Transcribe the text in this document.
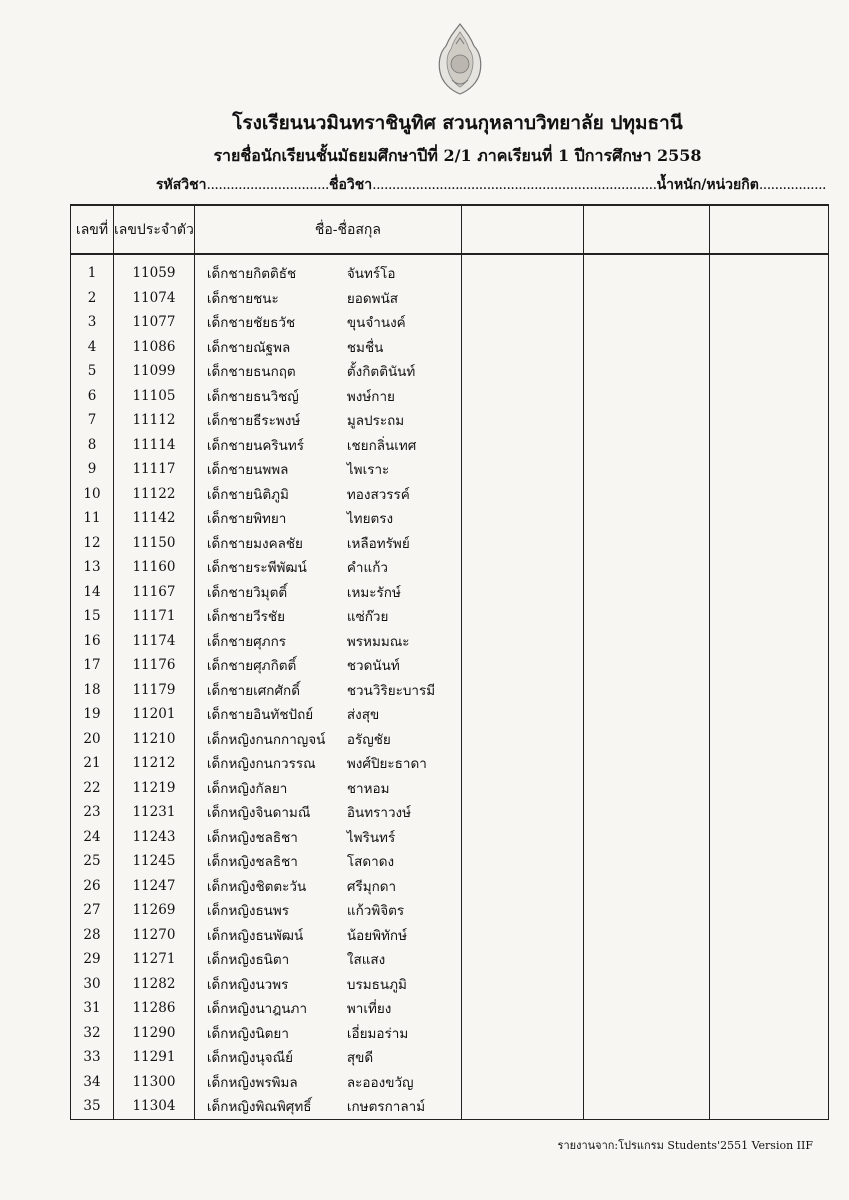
โรงเรียนนวมินทราชินูทิศ สวนกุหลาบวิทยาลัย ปทุมธานี
รายชื่อนักเรียนชั้นมัธยมศึกษาปีที่ 2/1 ภาคเรียนที่ 1 ปีการศึกษา 2558
รหัสวิชา...............................ชื่อวิชา........................................................................น้ำหนัก/หน่วยกิต.................
เลขที่	เลขประจำตัว	ชื่อ-ชื่อสกุล				

1	11059	เด็กชายกิตติธัช	จันทร์โอ			
2	11074	เด็กชายชนะ	ยอดพนัส			
3	11077	เด็กชายชัยธวัช	ขุนจำนงค์			
4	11086	เด็กชายณัฐพล	ชมชื่น			
5	11099	เด็กชายธนกฤต	ตั้งกิตตินันท์			
6	11105	เด็กชายธนวิชญ์	พงษ์กาย			
7	11112	เด็กชายธีระพงษ์	มูลประถม			
8	11114	เด็กชายนครินทร์	เชยกลิ่นเทศ			
9	11117	เด็กชายนพพล	ไพเราะ			
10	11122	เด็กชายนิติภูมิ	ทองสวรรค์			
11	11142	เด็กชายพิทยา	ไทยตรง			
12	11150	เด็กชายมงคลชัย	เหลือทรัพย์			
13	11160	เด็กชายระพีพัฒน์	คำแก้ว			
14	11167	เด็กชายวิมุตติ์	เหมะรักษ์			
15	11171	เด็กชายวีรชัย	แซ่ก๊วย			
16	11174	เด็กชายศุภกร	พรหมมณะ			
17	11176	เด็กชายศุภกิตติ์	ชวดนันท์			
18	11179	เด็กชายเศกศักดิ์	ชวนวิริยะบารมี			
19	11201	เด็กชายอินทัชปัถย์	ส่งสุข			
20	11210	เด็กหญิงกนกกาญจน์	อรัญชัย			
21	11212	เด็กหญิงกนกวรรณ	พงศ์ปิยะธาดา			
22	11219	เด็กหญิงกัลยา	ชาหอม			
23	11231	เด็กหญิงจินดามณี	อินทราวงษ์			
24	11243	เด็กหญิงชลธิชา	ไพรินทร์			
25	11245	เด็กหญิงชลธิชา	โสดาดง			
26	11247	เด็กหญิงชิตตะวัน	ศรีมุกดา			
27	11269	เด็กหญิงธนพร	แก้วพิจิตร			
28	11270	เด็กหญิงธนพัฒน์	น้อยพิทักษ์			
29	11271	เด็กหญิงธนิตา	ใสแสง			
30	11282	เด็กหญิงนวพร	บรมธนภูมิ			
31	11286	เด็กหญิงนาฎนภา	พาเที่ยง			
32	11290	เด็กหญิงนิตยา	เอี่ยมอร่าม			
33	11291	เด็กหญิงนุจณีย์	สุขดี			
34	11300	เด็กหญิงพรพิมล	ละอองขวัญ			
35	11304	เด็กหญิงพิณพิศุทธิ์	เกษตรกาลาม์			
รายงานจาก:โปรแกรม Students'2551 Version IIF
